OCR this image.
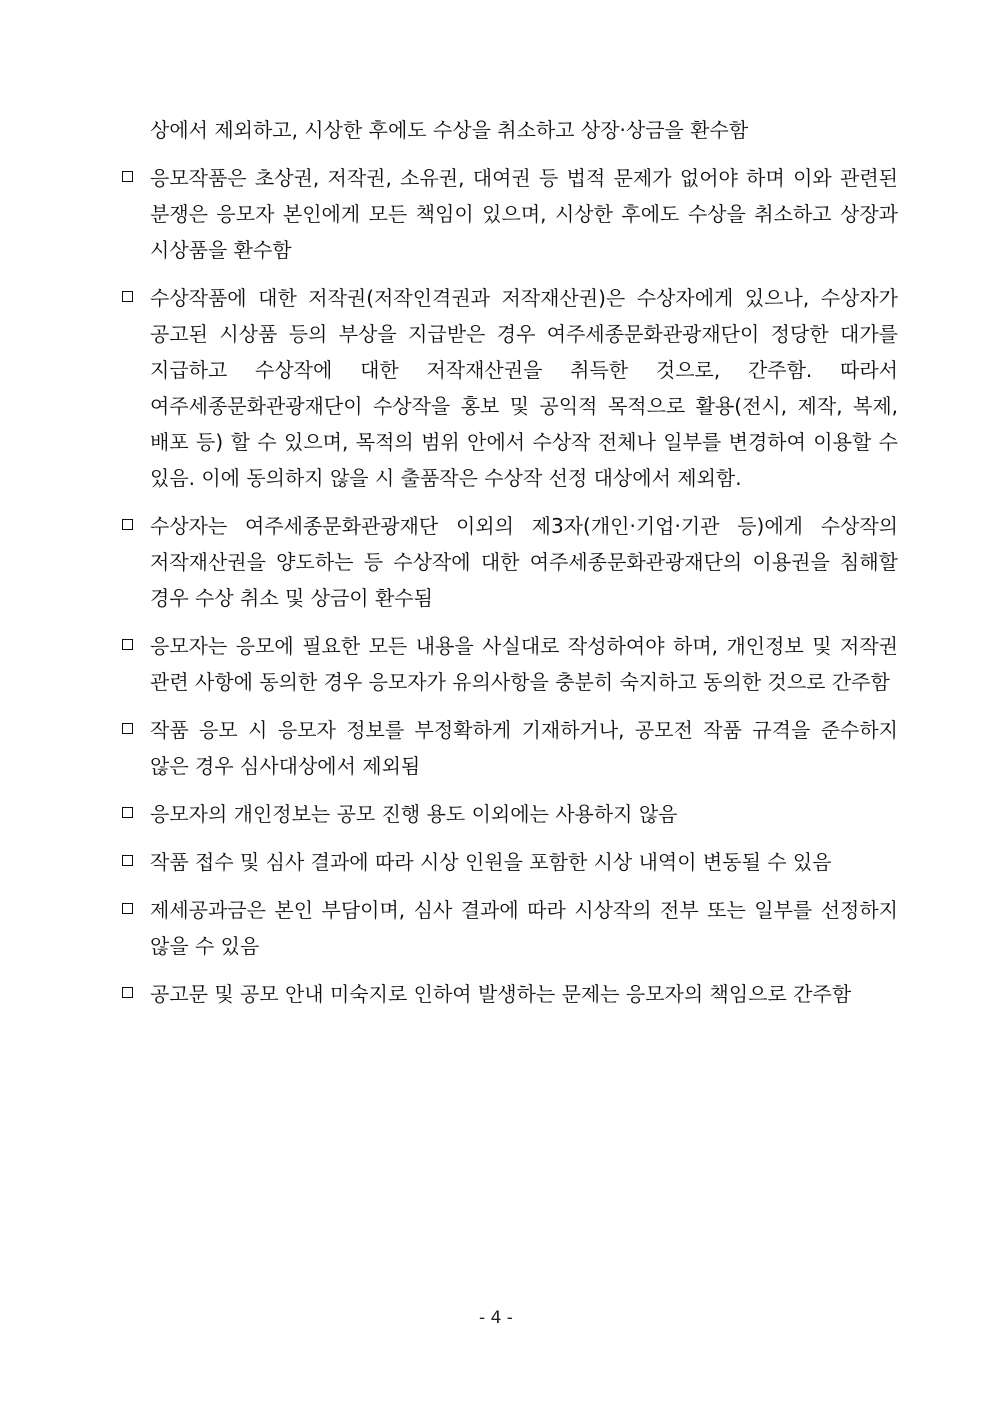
상에서 제외하고, 시상한 후에도 수상을 취소하고 상장·상금을 환수함
응모작품은 초상권, 저작권, 소유권, 대여권 등 법적 문제가 없어야 하며 이와 관련된 분쟁은 응모자 본인에게 모든 책임이 있으며, 시상한 후에도 수상을 취소하고 상장과 시상품을 환수함
수상작품에 대한 저작권(저작인격권과 저작재산권)은 수상자에게 있으나, 수상자가 공고된 시상품 등의 부상을 지급받은 경우 여주세종문화관광재단이 정당한 대가를 지급하고 수상작에 대한 저작재산권을 취득한 것으로, 간주함. 따라서 여주세종문화관광재단이 수상작을 홍보 및 공익적 목적으로 활용(전시, 제작, 복제, 배포 등) 할 수 있으며, 목적의 범위 안에서 수상작 전체나 일부를 변경하여 이용할 수 있음. 이에 동의하지 않을 시 출품작은 수상작 선정 대상에서 제외함.
수상자는 여주세종문화관광재단 이외의 제3자(개인·기업·기관 등)에게 수상작의 저작재산권을 양도하는 등 수상작에 대한 여주세종문화관광재단의 이용권을 침해할 경우 수상 취소 및 상금이 환수됨
응모자는 응모에 필요한 모든 내용을 사실대로 작성하여야 하며, 개인정보 및 저작권 관련 사항에 동의한 경우 응모자가 유의사항을 충분히 숙지하고 동의한 것으로 간주함
작품 응모 시 응모자 정보를 부정확하게 기재하거나, 공모전 작품 규격을 준수하지 않은 경우 심사대상에서 제외됨
응모자의 개인정보는 공모 진행 용도 이외에는 사용하지 않음
작품 접수 및 심사 결과에 따라 시상 인원을 포함한 시상 내역이 변동될 수 있음
제세공과금은 본인 부담이며, 심사 결과에 따라 시상작의 전부 또는 일부를 선정하지 않을 수 있음
공고문 및 공모 안내 미숙지로 인하여 발생하는 문제는 응모자의 책임으로 간주함
- 4 -
